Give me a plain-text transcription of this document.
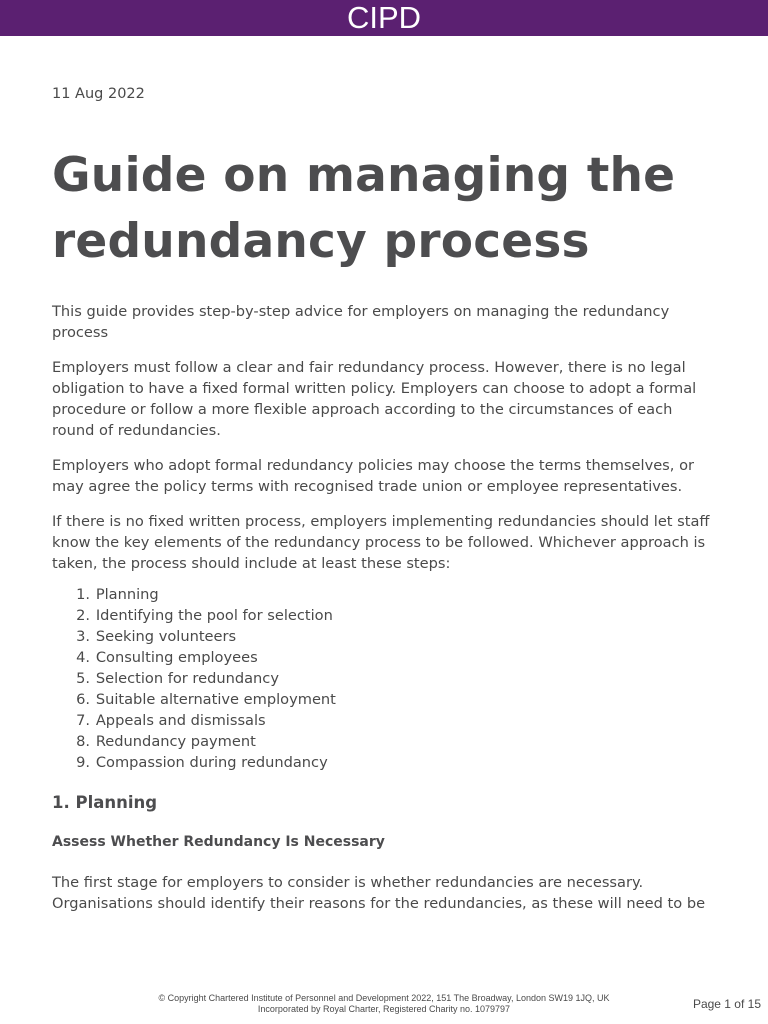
CIPD
11 Aug 2022
Guide on managing the redundancy process

This guide provides step-by-step advice for employers on managing the redundancy process

Employers must follow a clear and fair redundancy process. However, there is no legal obligation to have a fixed formal written policy. Employers can choose to adopt a formal procedure or follow a more flexible approach according to the circumstances of each round of redundancies.

Employers who adopt formal redundancy policies may choose the terms themselves, or may agree the policy terms with recognised trade union or employee representatives.

If there is no fixed written process, employers implementing redundancies should let staff know the key elements of the redundancy process to be followed. Whichever approach is taken, the process should include at least these steps:

1. Planning
2. Identifying the pool for selection
3. Seeking volunteers
4. Consulting employees
5. Selection for redundancy
6. Suitable alternative employment
7. Appeals and dismissals
8. Redundancy payment
9. Compassion during redundancy
1. Planning
Assess Whether Redundancy Is Necessary

The first stage for employers to consider is whether redundancies are necessary. Organisations should identify their reasons for the redundancies, as these will need to be

© Copyright Chartered Institute of Personnel and Development 2022, 151 The Broadway, London SW19 1JQ, UK
Incorporated by Royal Charter, Registered Charity no. 1079797	Page 1 of 15
